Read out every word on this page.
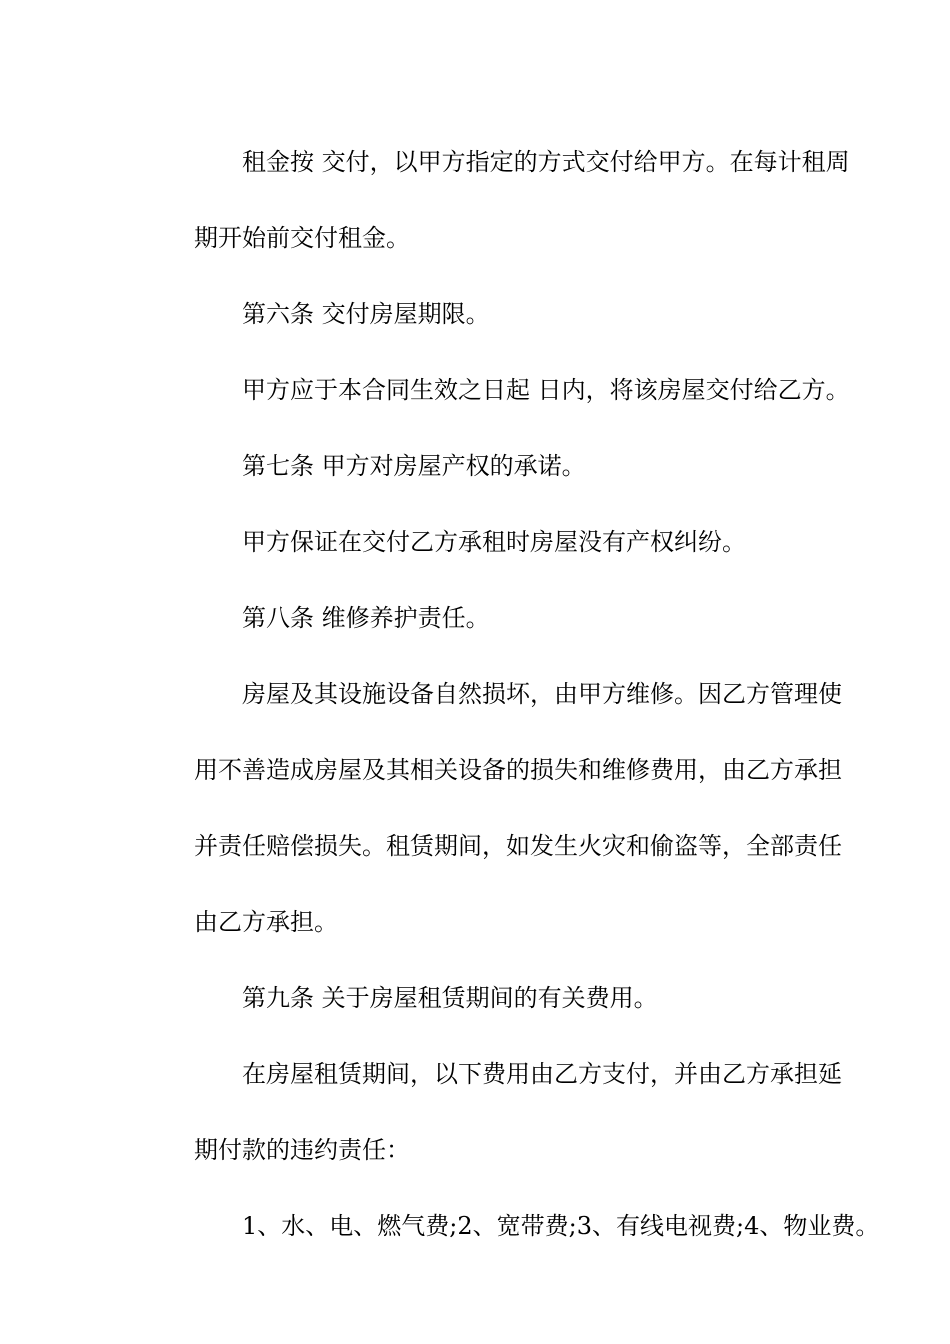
租金按 交付，以甲方指定的方式交付给甲方。在每计租周
期开始前交付租金。
第六条 交付房屋期限。
甲方应于本合同生效之日起 日内，将该房屋交付给乙方。
第七条 甲方对房屋产权的承诺。
甲方保证在交付乙方承租时房屋没有产权纠纷。
第八条 维修养护责任。
房屋及其设施设备自然损坏，由甲方维修。因乙方管理使
用不善造成房屋及其相关设备的损失和维修费用，由乙方承担
并责任赔偿损失。租赁期间，如发生火灾和偷盗等，全部责任
由乙方承担。
第九条 关于房屋租赁期间的有关费用。
在房屋租赁期间，以下费用由乙方支付，并由乙方承担延
期付款的违约责任：
1、水、电、燃气费;2、宽带费;3、有线电视费;4、物业费。
